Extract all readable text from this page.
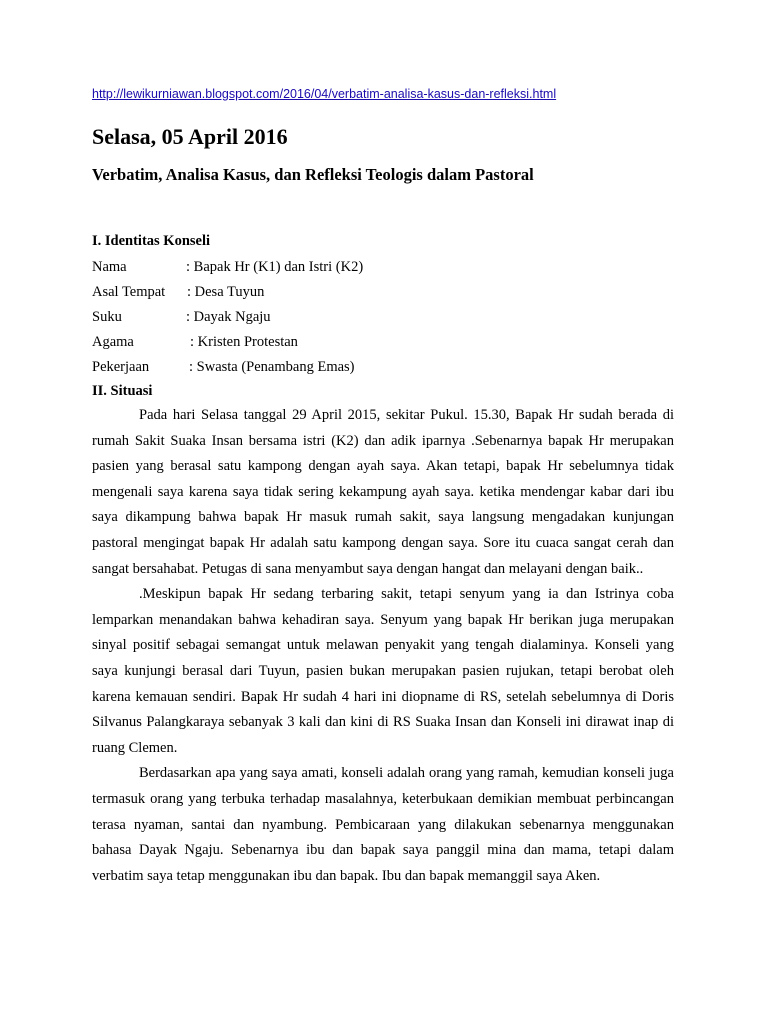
http://lewikurniawan.blogspot.com/2016/04/verbatim-analisa-kasus-dan-refleksi.html
Selasa, 05 April 2016
Verbatim, Analisa Kasus, dan Refleksi Teologis dalam Pastoral
I. Identitas Konseli
Nama	: Bapak Hr (K1) dan Istri (K2)
Asal Tempat : Desa Tuyun
Suku	: Dayak Ngaju
Agama	: Kristen Protestan
Pekerjaan	: Swasta (Penambang Emas)
II. Situasi

Pada hari Selasa tanggal 29 April 2015, sekitar Pukul. 15.30, Bapak Hr sudah berada di rumah Sakit Suaka Insan bersama istri (K2) dan adik iparnya .Sebenarnya bapak Hr merupakan pasien yang berasal satu kampong dengan ayah saya. Akan tetapi, bapak Hr sebelumnya tidak mengenali saya karena saya tidak sering kekampung ayah saya. ketika mendengar kabar dari ibu saya dikampung bahwa bapak Hr masuk rumah sakit, saya langsung mengadakan kunjungan pastoral mengingat bapak Hr adalah satu kampong dengan saya. Sore itu cuaca sangat cerah dan sangat bersahabat. Petugas di sana menyambut saya dengan hangat dan melayani dengan baik..

.Meskipun bapak Hr sedang terbaring sakit, tetapi senyum yang ia dan Istrinya coba lemparkan menandakan bahwa kehadiran saya. Senyum yang bapak Hr berikan juga merupakan sinyal positif sebagai semangat untuk melawan penyakit yang tengah dialaminya. Konseli yang saya kunjungi berasal dari Tuyun, pasien bukan merupakan pasien rujukan, tetapi berobat oleh karena kemauan sendiri. Bapak Hr sudah 4 hari ini diopname di RS, setelah sebelumnya di Doris Silvanus Palangkaraya sebanyak 3 kali dan kini di RS Suaka Insan dan Konseli ini dirawat inap di ruang Clemen.

Berdasarkan apa yang saya amati, konseli adalah orang yang ramah, kemudian konseli juga termasuk orang yang terbuka terhadap masalahnya, keterbukaan demikian membuat perbincangan terasa nyaman, santai dan nyambung. Pembicaraan yang dilakukan sebenarnya menggunakan bahasa Dayak Ngaju. Sebenarnya ibu dan bapak saya panggil mina dan mama, tetapi dalam verbatim saya tetap menggunakan ibu dan bapak. Ibu dan bapak memanggil saya Aken.
